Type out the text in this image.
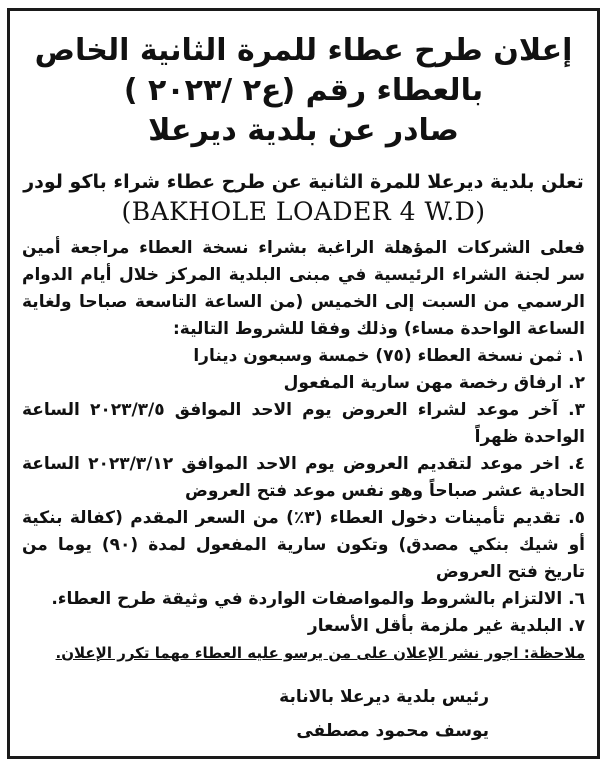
إعلان طرح عطاء للمرة الثانية الخاص
بالعطاء رقم (ع٢ /٢٠٢٣ )
صادر عن بلدية ديرعلا
تعلن بلدية ديرعلا للمرة الثانية عن طرح عطاء شراء باكو لودر
(BAKHOLE LOADER 4 W.D)

فعلى الشركات المؤهلة الراغبة بشراء نسخة العطاء مراجعة أمين سر لجنة الشراء الرئيسية في مبنى البلدية المركز خلال أيام الدوام الرسمي من السبت إلى الخميس (من الساعة التاسعة صباحا ولغاية الساعة الواحدة مساء) وذلك وفقا للشروط التالية:

١. ثمن نسخة العطاء (٧٥) خمسة وسبعون دينارا
٢. ارفاق رخصة مهن سارية المفعول
٣. آخر موعد لشراء العروض يوم الاحد الموافق ٢٠٢٣/٣/٥ الساعة الواحدة ظهراً
٤. اخر موعد لتقديم العروض يوم الاحد الموافق ٢٠٢٣/٣/١٢ الساعة الحادية عشر صباحاً وهو نفس موعد فتح العروض
٥. تقديم تأمينات دخول العطاء (٣٪) من السعر المقدم (كفالة بنكية أو شيك بنكي مصدق) وتكون سارية المفعول لمدة (٩٠) يوما من تاريخ فتح العروض
٦. الالتزام بالشروط والمواصفات الواردة في وثيقة طرح العطاء.
٧. البلدية غير ملزمة بأقل الأسعار
ملاحظة: اجور نشر الإعلان على من يرسو عليه العطاء مهما تكرر الإعلان.
رئيس بلدية ديرعلا بالانابة
يوسف محمود مصطفى
